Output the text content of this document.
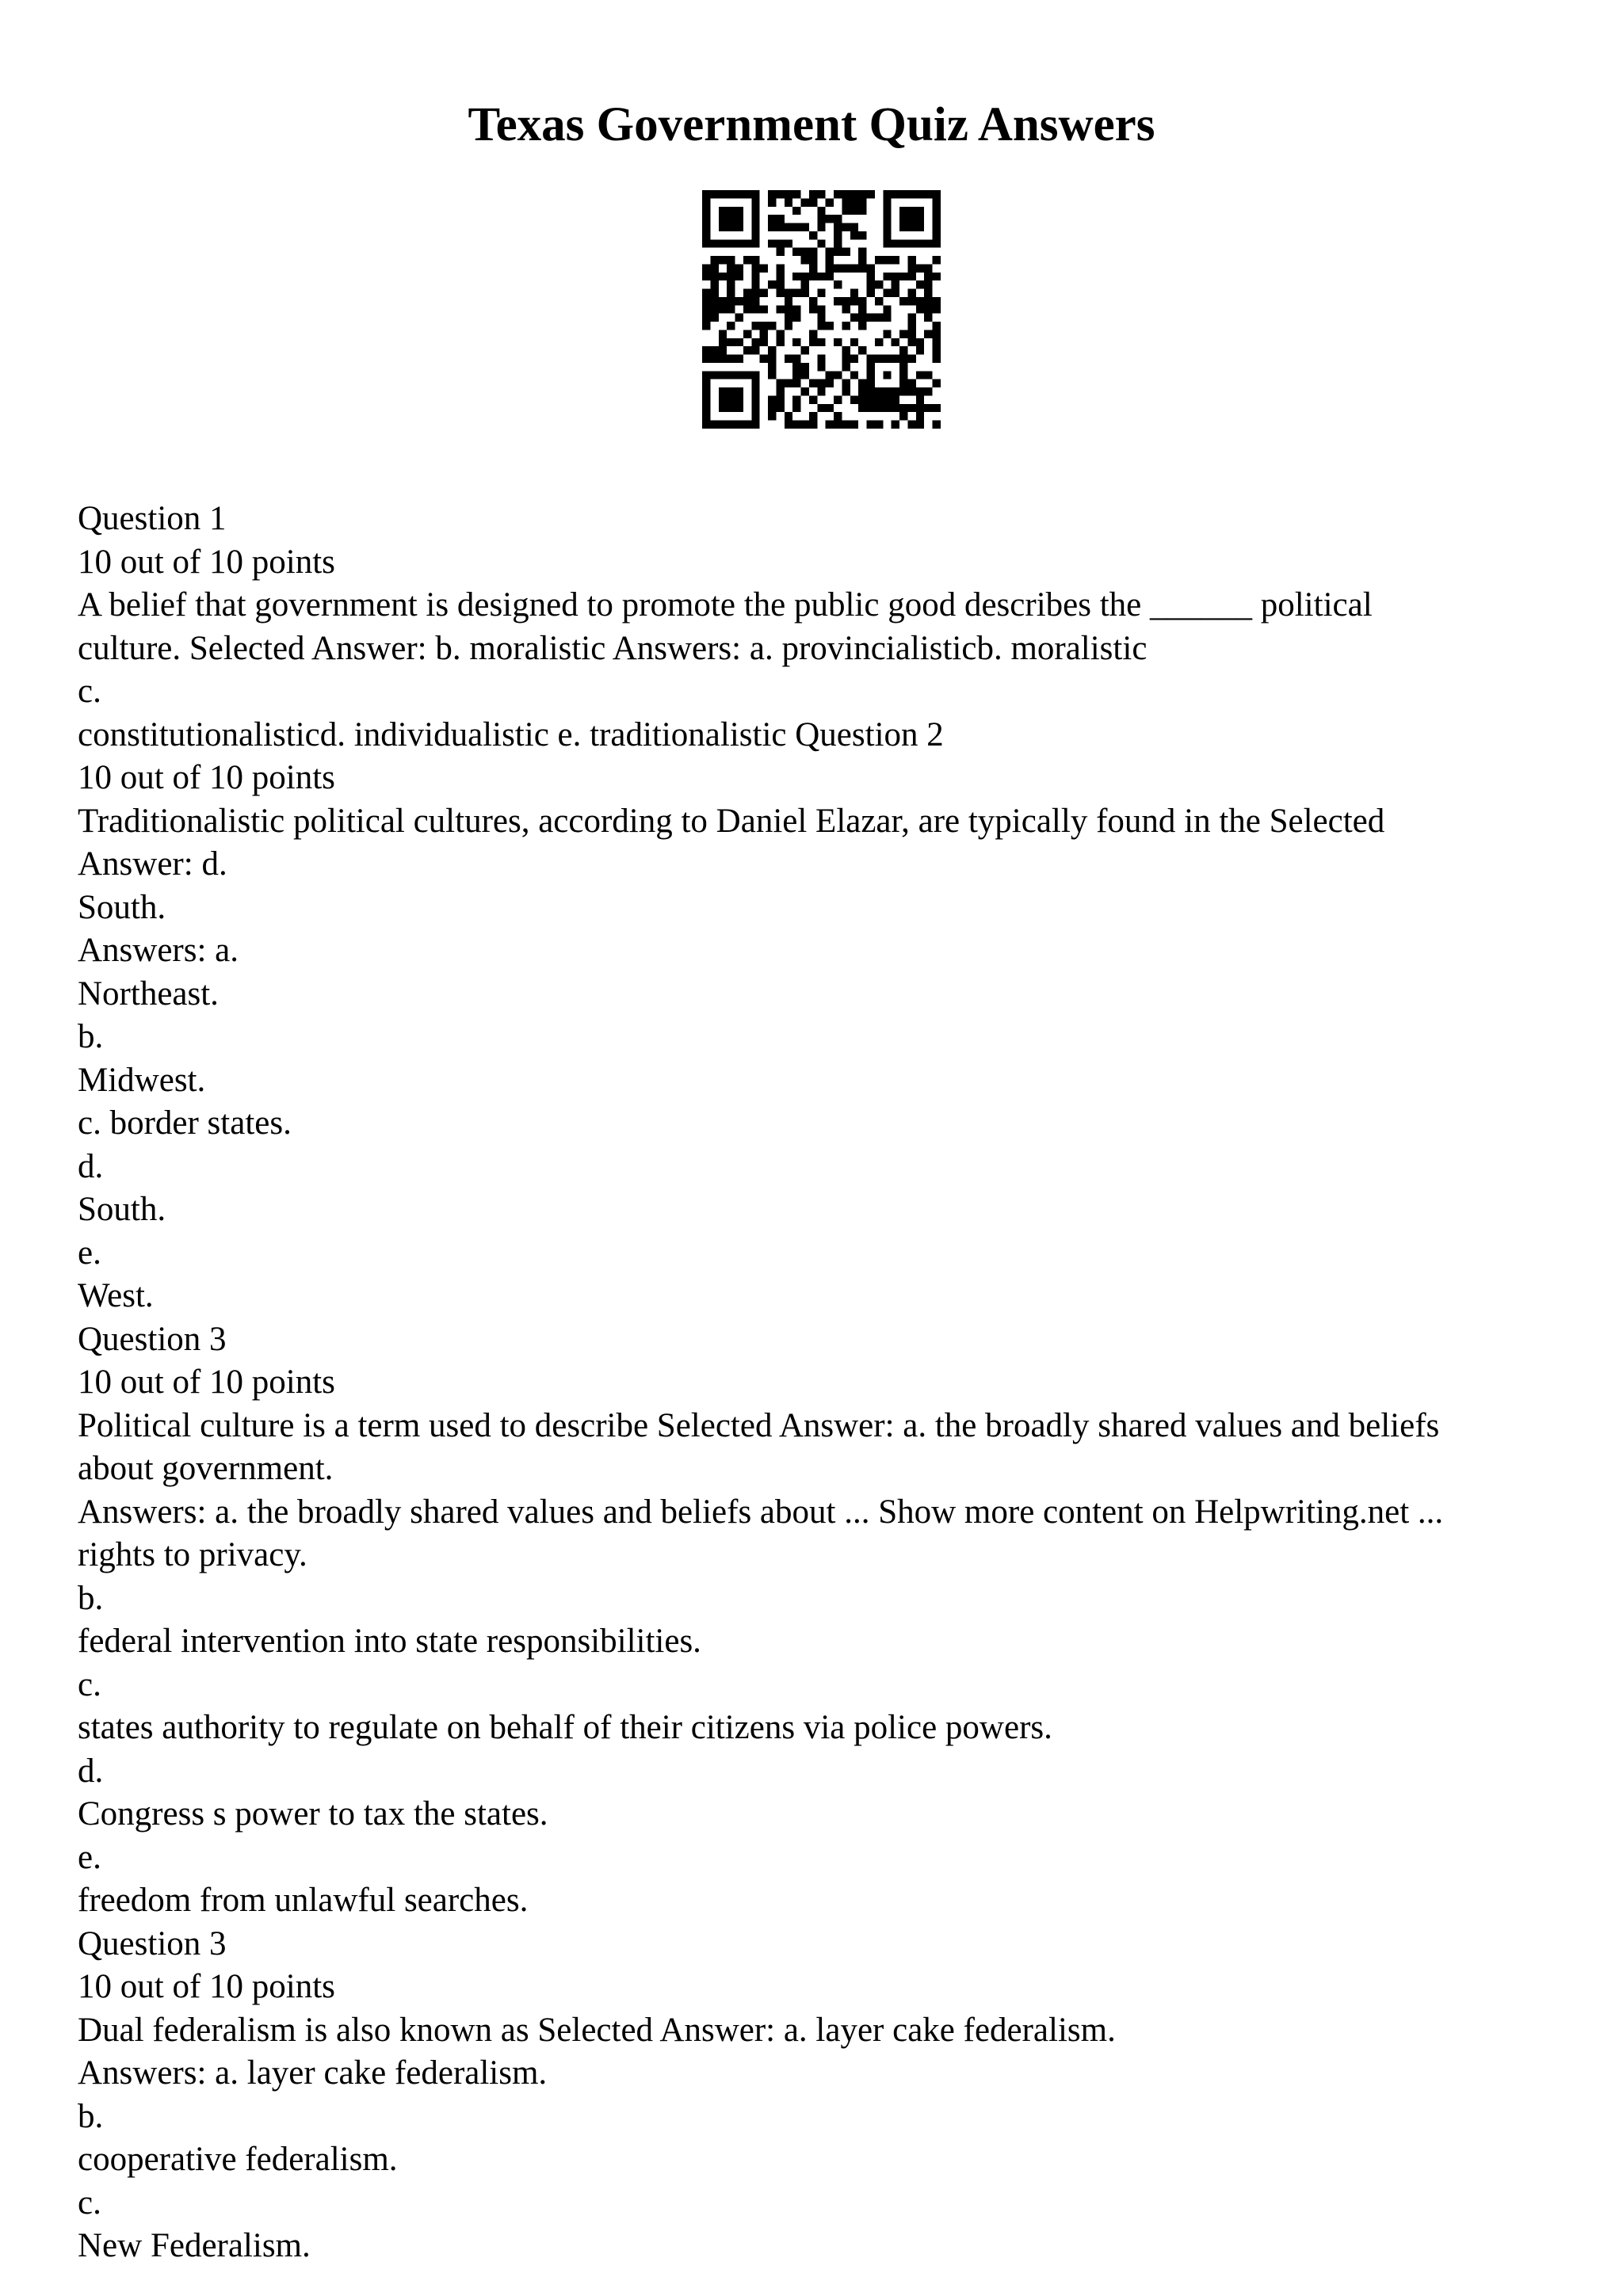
Texas Government Quiz Answers
Question 1
10 out of 10 points
A belief that government is designed to promote the public good describes the ______ political
culture. Selected Answer: b. moralistic Answers: a. provincialisticb. moralistic
c.
constitutionalisticd. individualistic e. traditionalistic Question 2
10 out of 10 points
Traditionalistic political cultures, according to Daniel Elazar, are typically found in the Selected
Answer: d.
South.
Answers: a.
Northeast.
b.
Midwest.
c. border states.
d.
South.
e.
West.
Question 3
10 out of 10 points
Political culture is a term used to describe Selected Answer: a. the broadly shared values and beliefs
about government.
Answers: a. the broadly shared values and beliefs about ... Show more content on Helpwriting.net ...
rights to privacy.
b.
federal intervention into state responsibilities.
c.
states authority to regulate on behalf of their citizens via police powers.
d.
Congress s power to tax the states.
e.
freedom from unlawful searches.
Question 3
10 out of 10 points
Dual federalism is also known as Selected Answer: a. layer cake federalism.
Answers: a. layer cake federalism.
b.
cooperative federalism.
c.
New Federalism.
